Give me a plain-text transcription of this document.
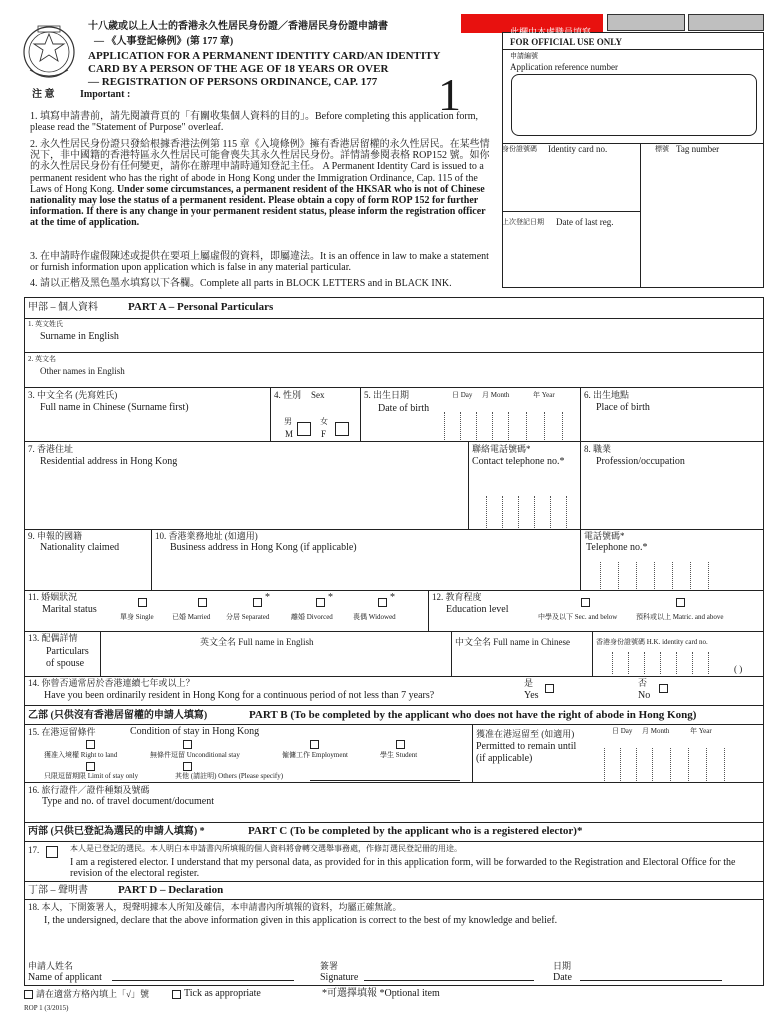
十八歲或以上人士的香港永久性居民身份證／香港居民身份證申請書
— 《人事登記條例》(第 177 章)
APPLICATION FOR A PERMANENT IDENTITY CARD/AN IDENTITY
CARD BY A PERSON OF THE AGE OF 18 YEARS OR OVER
— REGISTRATION OF PERSONS ORDINANCE, CAP. 177 1
注 意	Important :
1. 填寫申請書前，請先閱讀背頁的「有關收集個人資料的目的」。Before completing this application form, please read the "Statement of Purpose" overleaf.
2. 永久性居民身份證只發給根據香港法例第 115 章《入境條例》擁有香港居留權的永久性居民。在某些情況下，非中國籍的香港特區永久性居民可能會喪失其永久性居民身份。詳情請參閱表格 ROP152 號。如你的永久性居民身份有任何變更，請你在辦理申請時通知登記主任。 A Permanent Identity Card is issued to a permanent resident who has the right of abode in Hong Kong under the Immigration Ordinance, Cap. 115 of the Laws of Hong Kong. Under some circumstances, a permanent resident of the HKSAR who is not of Chinese nationality may lose the status of a permanent resident. Please obtain a copy of form ROP 152 for further information. If there is any change in your permanent resident status, please inform the registration officer at the time of application.
3. 在申請時作虛假陳述或提供在要項上屬虛假的資料，即屬違法。It is an offence in law to make a statement or furnish information upon application which is false in any material particular.
4. 請以正楷及黑色墨水填寫以下各欄。Complete all parts in BLOCK LETTERS and in BLACK INK.
此欄由本處職員填寫
FOR OFFICIAL USE ONLY
申請編號
Application reference number
身份證號碼 Identity card no.	標號 Tag number
上次登記日期 Date of last reg.
甲部 – 個人資料	PART A – Personal Particulars
1. 英文姓氏
Surname in English
2. 英文名
Other names in English
3. 中文全名 (先寫姓氏)
Full name in Chinese (Surname first)
4. 性別 Sex
男
M
女
F
5. 出生日期
Date of birth
日 Day 月 Month	年 Year	6. 出生地點
Place of birth
7. 香港住址
Residential address in Hong Kong
聯絡電話號碼*
Contact telephone no.*
8. 職業
Profession/occupation
9. 申報的國籍
Nationality claimed
10. 香港業務地址 (如適用)
Business address in Hong Kong (if applicable)
電話號碼*
Telephone no.*
11. 婚姻狀況
Marital status
*	*	*
單身 Single	已婚 Married 分居 Separated	離婚 Divorced	喪偶 Widowed
12. 教育程度
Education level
中學及以下 Sec. and below	預科或以上 Matric. and above
13. 配偶詳情
Particulars
of spouse
英文全名 Full name in English	中文全名 Full name in Chinese	香港身份證號碼 H.K. identity card no.
( )
14. 你曾否通常居於香港連續七年或以上？
Have you been ordinarily resident in Hong Kong for a continuous period of not less than 7 years?
是
Yes
否
No
乙部 (只供沒有香港居留權的申請人填寫)	PART B (To be completed by the applicant who does not have the right of abode in Hong Kong)
15. 在港逗留條件	Condition of stay in Hong Kong
獲准入境權 Right to land	無條件逗留 Unconditional stay	僱傭工作 Employment	學生 Student
只限逗留期限 Limit of stay only	其他 (請註明) Others (Please specify)
獲准在港逗留至 (如適用)
Permitted to remain until
(if applicable)
日 Day 月 Month	年 Year
16. 旅行證件／證件種類及號碼
Type and no. of travel document/document
丙部 (只供已登記為選民的申請人填寫) *	PART C (To be completed by the applicant who is a registered elector)*
17.	本人是已登記的選民。本人明白本申請書內所填報的個人資料將會轉交選舉事務處，作修訂選民登記冊的用途。
I am a registered elector. I understand that my personal data, as provided for in this application form, will be forwarded to the Registration and Electoral Office for the revision of the electoral register.
丁部 – 聲明書	PART D – Declaration
18. 本人，下開簽署人，現聲明據本人所知及確信，本申請書內所填報的資料，均屬正確無訛。
I, the undersigned, declare that the above information given in this application is correct to the best of my knowledge and belief.
申請人姓名
Name of applicant
簽署
Signature
日期
Date
請在適當方格內填上「√」號	Tick as appropriate	*可選擇填報 *Optional item
ROP 1 (3/2015)
